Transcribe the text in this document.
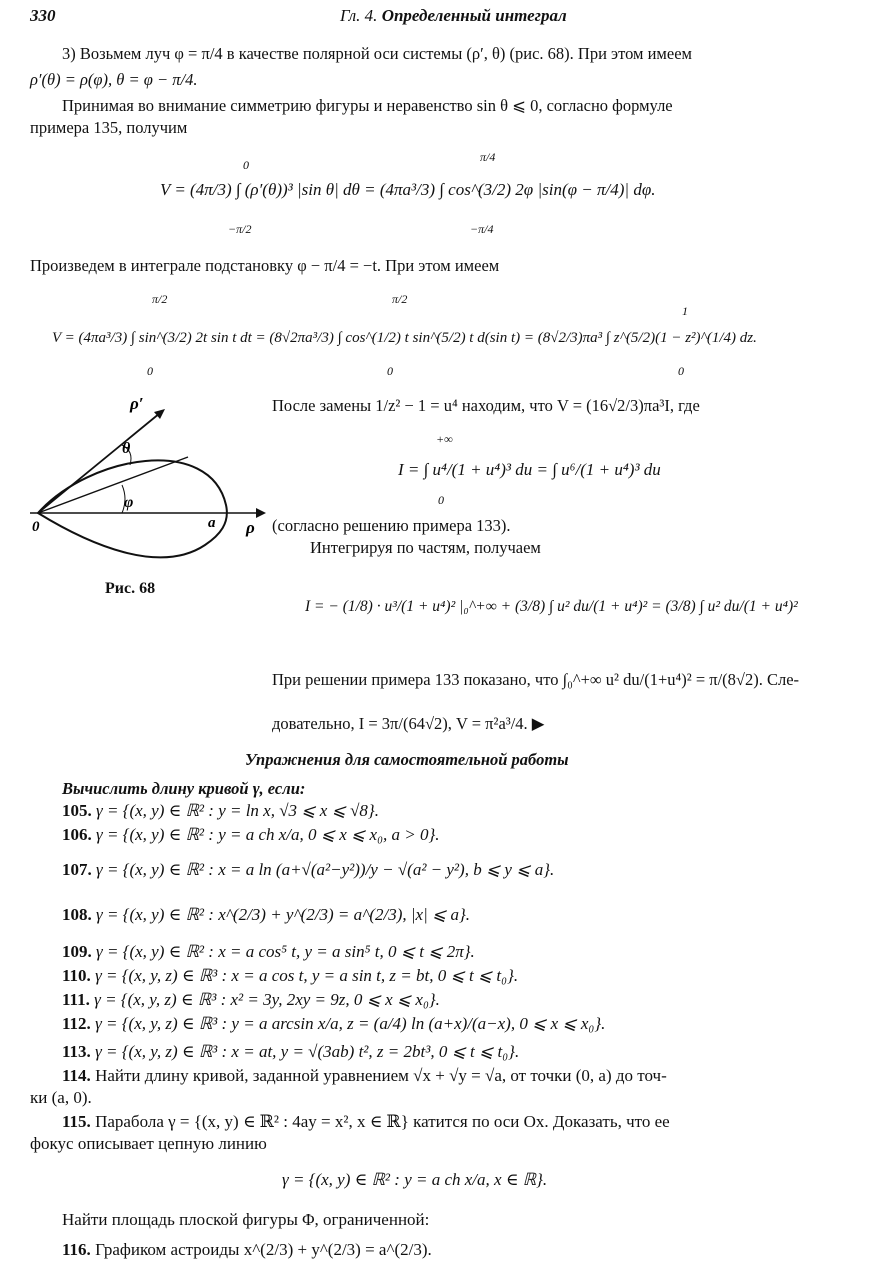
330	Гл. 4. Определенный интеграл
3) Возьмем луч φ = π/4 в качестве полярной оси системы (ρ′, θ) (рис. 68). При этом имеем
ρ′(θ) = ρ(φ), θ = φ − π/4.
Принимая во внимание симметрию фигуры и неравенство sin θ ⩽ 0, согласно формуле
примера 135, получим
V = (4π/3) ∫ (ρ′(θ))³ |sin θ| dθ = (4πa³/3) ∫ cos^(3/2) 2φ |sin(φ − π/4)| dφ.
0
−π/2
π/4
−π/4
Произведем в интеграле подстановку φ − π/4 = −t. При этом имеем
V = (4πa³/3) ∫ sin^(3/2) 2t sin t dt = (8√2πa³/3) ∫ cos^(1/2) t sin^(5/2) t d(sin t) = (8√2/3)πa³ ∫ z^(5/2)(1 − z²)^(1/4) dz.
π/2
0
π/2
0
1
0
ρ′
θ
φ
0	a ρ
Рис. 68
После замены 1/z² − 1 = u⁴ находим, что V = (16√2/3)πa³I, где
I = ∫ u⁴/(1 + u⁴)³ du = ∫ u⁶/(1 + u⁴)³ du
+∞
0
(согласно решению примера 133).
Интегрируя по частям, получаем
I = − (1/8) · u³/(1 + u⁴)² |₀^+∞ + (3/8) ∫ u² du/(1 + u⁴)² = (3/8) ∫ u² du/(1 + u⁴)²
При решении примера 133 показано, что ∫₀^+∞ u² du/(1+u⁴)² = π/(8√2). Сле-
довательно, I = 3π/(64√2), V = π²a³/4. ▶
Упражнения для самостоятельной работы
Вычислить длину кривой γ, если:
105. γ = {(x, y) ∈ ℝ² : y = ln x, √3 ⩽ x ⩽ √8}.
106. γ = {(x, y) ∈ ℝ² : y = a ch x/a, 0 ⩽ x ⩽ x₀, a > 0}.
107. γ = {(x, y) ∈ ℝ² : x = a ln (a+√(a²−y²))/y − √(a² − y²), b ⩽ y ⩽ a}.
108. γ = {(x, y) ∈ ℝ² : x^(2/3) + y^(2/3) = a^(2/3), |x| ⩽ a}.
109. γ = {(x, y) ∈ ℝ² : x = a cos⁵ t, y = a sin⁵ t, 0 ⩽ t ⩽ 2π}.
110. γ = {(x, y, z) ∈ ℝ³ : x = a cos t, y = a sin t, z = bt, 0 ⩽ t ⩽ t₀}.
111. γ = {(x, y, z) ∈ ℝ³ : x² = 3y, 2xy = 9z, 0 ⩽ x ⩽ x₀}.
112. γ = {(x, y, z) ∈ ℝ³ : y = a arcsin x/a, z = (a/4) ln (a+x)/(a−x), 0 ⩽ x ⩽ x₀}.
113. γ = {(x, y, z) ∈ ℝ³ : x = at, y = √(3ab) t², z = 2bt³, 0 ⩽ t ⩽ t₀}.
114. Найти длину кривой, заданной уравнением √x + √y = √a, от точки (0, a) до точ-
ки (a, 0).
115. Парабола γ = {(x, y) ∈ ℝ² : 4ay = x², x ∈ ℝ} катится по оси Ox. Доказать, что ее
фокус описывает цепную линию
γ = {(x, y) ∈ ℝ² : y = a ch x/a, x ∈ ℝ}.
Найти площадь плоской фигуры Φ, ограниченной:
116. Графиком астроиды x^(2/3) + y^(2/3) = a^(2/3).
